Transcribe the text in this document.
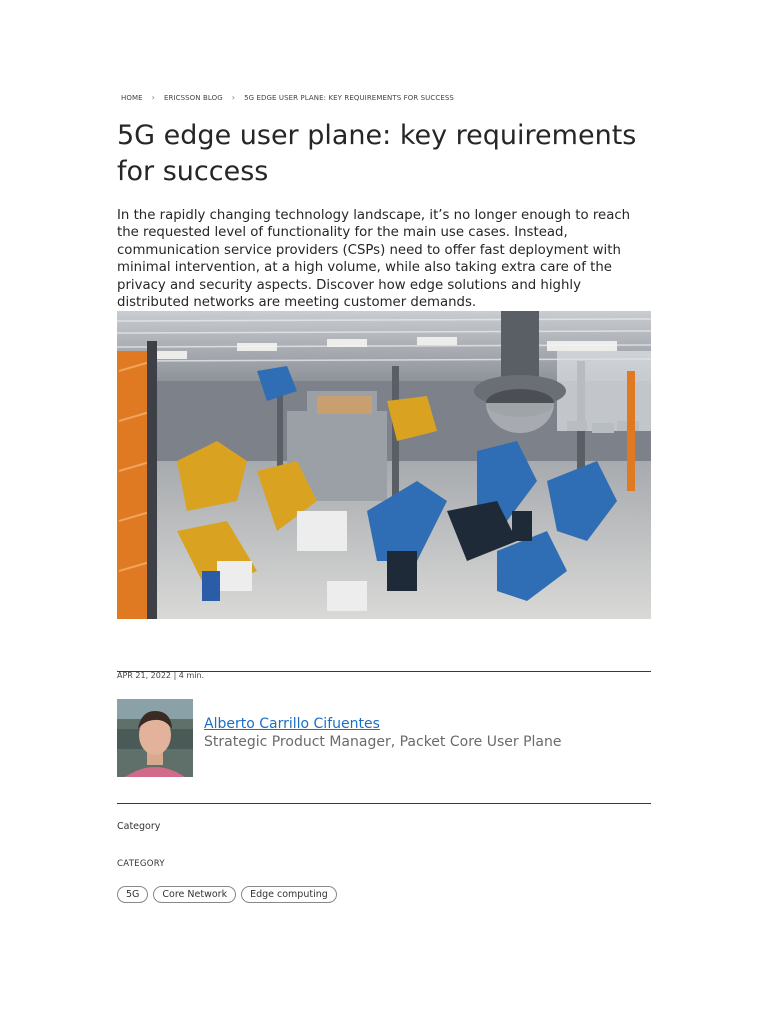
HOME › ERICSSON BLOG › 5G EDGE USER PLANE: KEY REQUIREMENTS FOR SUCCESS
5G edge user plane: key requirements for success

In the rapidly changing technology landscape, it’s no longer enough to reach the requested level of functionality for the main use cases. Instead, communication service providers (CSPs) need to offer fast deployment with minimal intervention, at a high volume, while also taking extra care of the privacy and security aspects. Discover how edge solutions and highly distributed networks are meeting customer demands.

APR 21, 2022 | 4 min.
Alberto Carrillo Cifuentes
Strategic Product Manager, Packet Core User Plane
Category
CATEGORY
5G	Core Network	Edge computing
